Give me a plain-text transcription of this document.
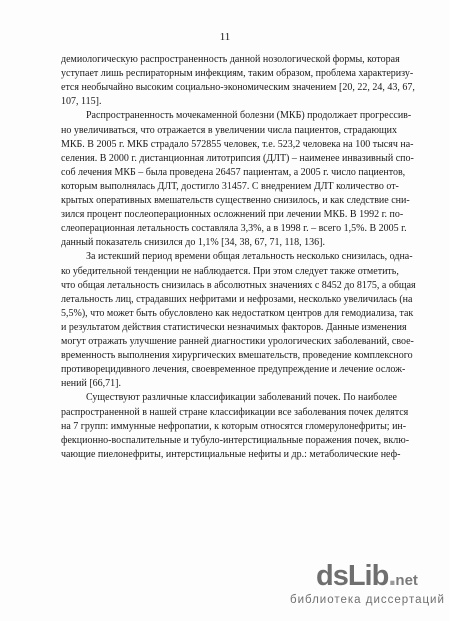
11
демиологическую распространенность данной нозологической формы, которая
уступает лишь респираторным инфекциям, таким образом, проблема характеризу-
ется необычайно высоким социально-экономическим значением [20, 22, 24, 43, 67,
107, 115].
Распространенность мочекаменной болезни (МКБ) продолжает прогрессив-
но увеличиваться, что отражается в увеличении числа пациентов, страдающих
МКБ. В 2005 г. МКБ страдало 572855 человек, т.е. 523,2 человека на 100 тысяч на-
селения. В 2000 г. дистанционная литотрипсия (ДЛТ) – наименее инвазивный спо-
соб лечения МКБ – была проведена 26457 пациентам, а 2005 г. число пациентов,
которым выполнялась ДЛТ, достигло 31457. С внедрением ДЛТ количество от-
крытых оперативных вмешательств существенно снизилось, и как следствие сни-
зился процент послеоперационных осложнений при лечении МКБ. В 1992 г. по-
слеоперационная летальность составляла 3,3%, а в 1998 г. – всего 1,5%. В 2005 г.
данный показатель снизился до 1,1% [34, 38, 67, 71, 118, 136].
За истекший период времени общая летальность несколько снизилась, одна-
ко убедительной тенденции не наблюдается. При этом следует также отметить,
что общая летальность снизилась в абсолютных значениях с 8452 до 8175, а общая
летальность лиц, страдавших нефритами и нефрозами, несколько увеличилась (на
5,5%), что может быть обусловлено как недостатком центров для гемодиализа, так
и результатом действия статистически незначимых факторов. Данные изменения
могут отражать улучшение ранней диагностики урологических заболеваний, свое-
временность выполнения хирургических вмешательств, проведение комплексного
противорецидивного лечения, своевременное предупреждение и лечение ослож-
нений [66,71].
Существуют различные классификации заболеваний почек. По наиболее
распространенной в нашей стране классификации все заболевания почек делятся
на 7 групп: иммунные нефропатии, к которым относятся гломерулонефриты; ин-
фекционно-воспалительные и тубуло-интерстициальные поражения почек, вклю-
чающие пиелонефриты, интерстициальные нефиты и др.: метаболические неф-
dsLib.net
библиотека диссертаций
